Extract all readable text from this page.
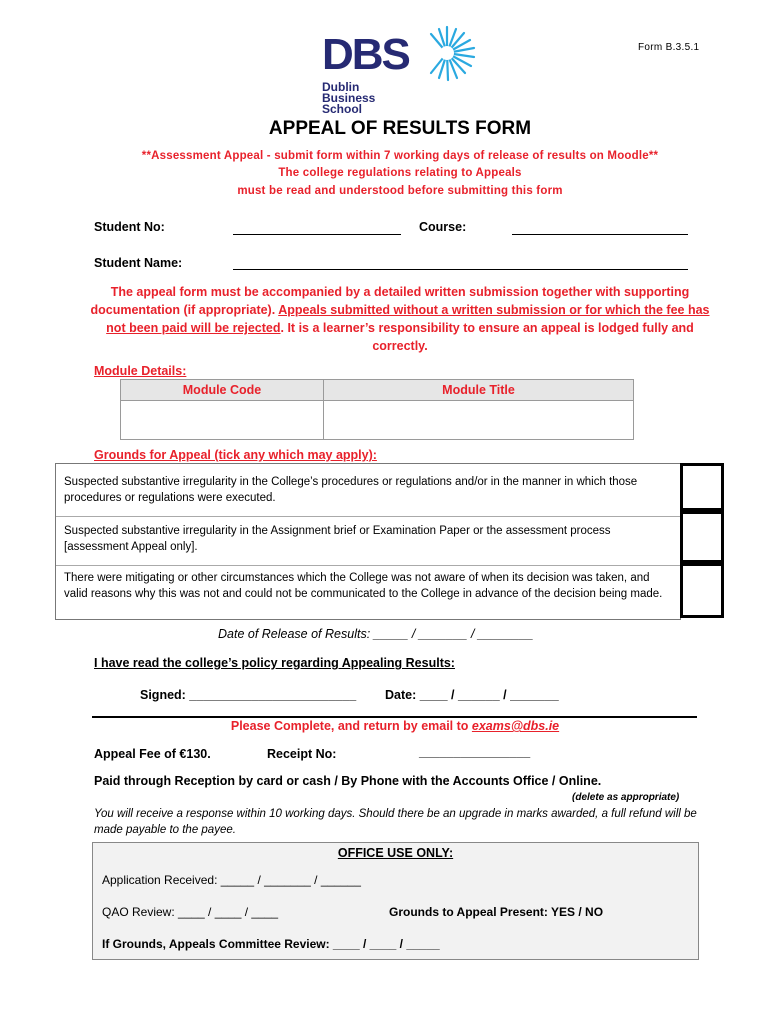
Form B.3.5.1
DBS
Dublin
Business
School
APPEAL OF RESULTS FORM
**Assessment Appeal - submit form within 7 working days of release of results on Moodle**
The college regulations relating to Appeals
must be read and understood before submitting this form
Student No:	Course:
Student Name:
The appeal form must be accompanied by a detailed written submission together with supporting documentation (if appropriate). Appeals submitted without a written submission or for which the fee has not been paid will be rejected. It is a learner’s responsibility to ensure an appeal is lodged fully and correctly.
Module Details:
Module Code	Module Title

Grounds for Appeal (tick any which may apply):
Suspected substantive irregularity in the College’s procedures or regulations and/or in the manner in which those procedures or regulations were executed.
Suspected substantive irregularity in the Assignment brief or Examination Paper or the assessment process [assessment Appeal only].
There were mitigating or other circumstances which the College was not aware of when its decision was taken, and valid reasons why this was not and could not be communicated to the College in advance of the decision being made.
Date of Release of Results: _____ / _______ / ________
I have read the college’s policy regarding Appealing Results:
Signed: ________________________ Date: ____ / ______ / _______
Please Complete, and return by email to exams@dbs.ie
Appeal Fee of €130.	Receipt No:	________________
Paid through Reception by card or cash / By Phone with the Accounts Office / Online.
(delete as appropriate)
You will receive a response within 10 working days. Should there be an upgrade in marks awarded, a full refund will be made payable to the payee.
OFFICE USE ONLY:
Application Received: _____ / _______ / ______
QAO Review: ____ / ____ / ____	Grounds to Appeal Present: YES / NO
If Grounds, Appeals Committee Review: ____ / ____ / _____
